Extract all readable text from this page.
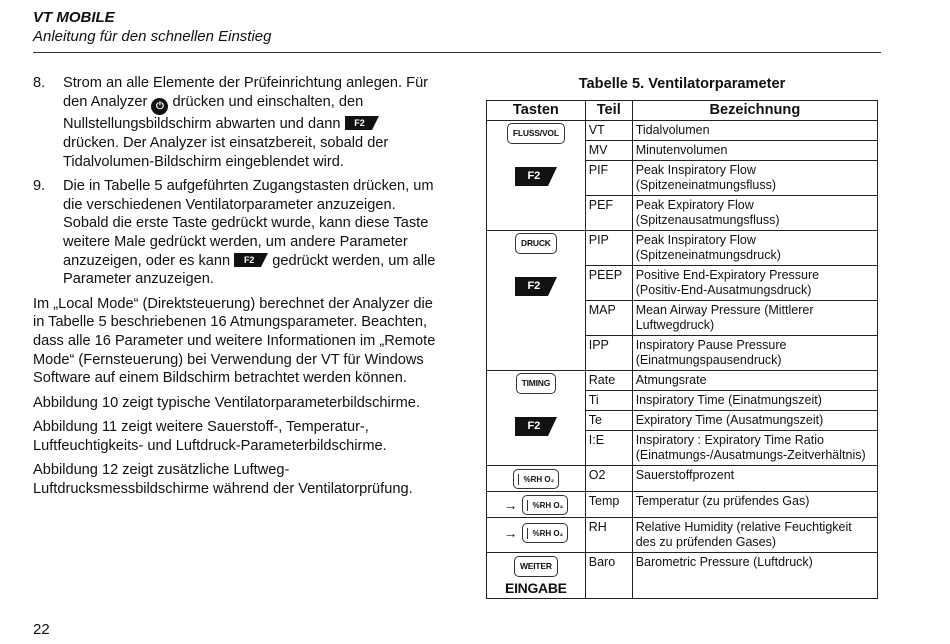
VT MOBILE
Anleitung für den schnellen Einstieg
8.	Strom an alle Elemente der Prüfeinrichtung anlegen. Für den Analyzer ⏻ drücken und einschalten, den Nullstellungsbildschirm abwarten und dann	F2
drücken. Der Analyzer ist einsatzbereit, sobald der Tidalvolumen-Bildschirm eingeblendet wird.
9.	Die in Tabelle 5 aufgeführten Zugangstasten drücken, um die verschiedenen Ventilatorparameter anzuzeigen. Sobald die erste Taste gedrückt wurde, kann diese Taste weitere Male gedrückt werden, um andere Parameter anzuzeigen, oder es kann	F2	gedrückt werden, um alle Parameter anzuzeigen.

Im „Local Mode“ (Direktsteuerung) berechnet der Analyzer die in Tabelle 5 beschriebenen 16 Atmungsparameter. Beachten, dass alle 16 Parameter und weitere Informationen im „Remote Mode“ (Fernsteuerung) bei Verwendung der VT für Windows Software auf einem Bildschirm betrachtet werden können.

Abbildung 10 zeigt typische Ventilatorparameterbildschirme.

Abbildung 11 zeigt weitere Sauerstoff-, Temperatur-, Luftfeuchtigkeits- und Luftdruck-Parameterbildschirme.

Abbildung 12 zeigt zusätzliche Luftweg-Luftdrucksmessbildschirme während der Ventilatorprüfung.

22
Tabelle 5. Ventilatorparameter
Tasten	Teil	Bezeichnung
FLUSS/VOL
F2	VT	Tidalvolumen
	MV	Minutenvolumen
	PIF	Peak Inspiratory Flow
(Spitzeneinatmungsfluss)
	PEF	Peak Expiratory Flow
(Spitzenausatmungsfluss)
DRUCK
F2	PIP	Peak Inspiratory Flow
(Spitzeneinatmungsdruck)
	PEEP	Positive End-Expiratory Pressure
(Positiv-End-Ausatmungsdruck)
	MAP	Mean Airway Pressure (Mittlerer
Luftwegdruck)
	IPP	Inspiratory Pause Pressure
(Einatmungspausendruck)
TIMING
F2	Rate	Atmungsrate
	Ti	Inspiratory Time (Einatmungszeit)
	Te	Expiratory Time (Ausatmungszeit)
	I:E	Inspiratory : Expiratory Time Ratio
(Einatmungs-/Ausatmungs-Zeitverhältnis)

%RH O₂	O2	Sauerstoffprozent

→ %RH O₂	Temp	Temperatur (zu prüfendes Gas)

→ %RH O₂	RH	Relative Humidity (relative Feuchtigkeit
des zu prüfenden Gases)
WEITER
EINGABE	Baro	Barometric Pressure (Luftdruck)
